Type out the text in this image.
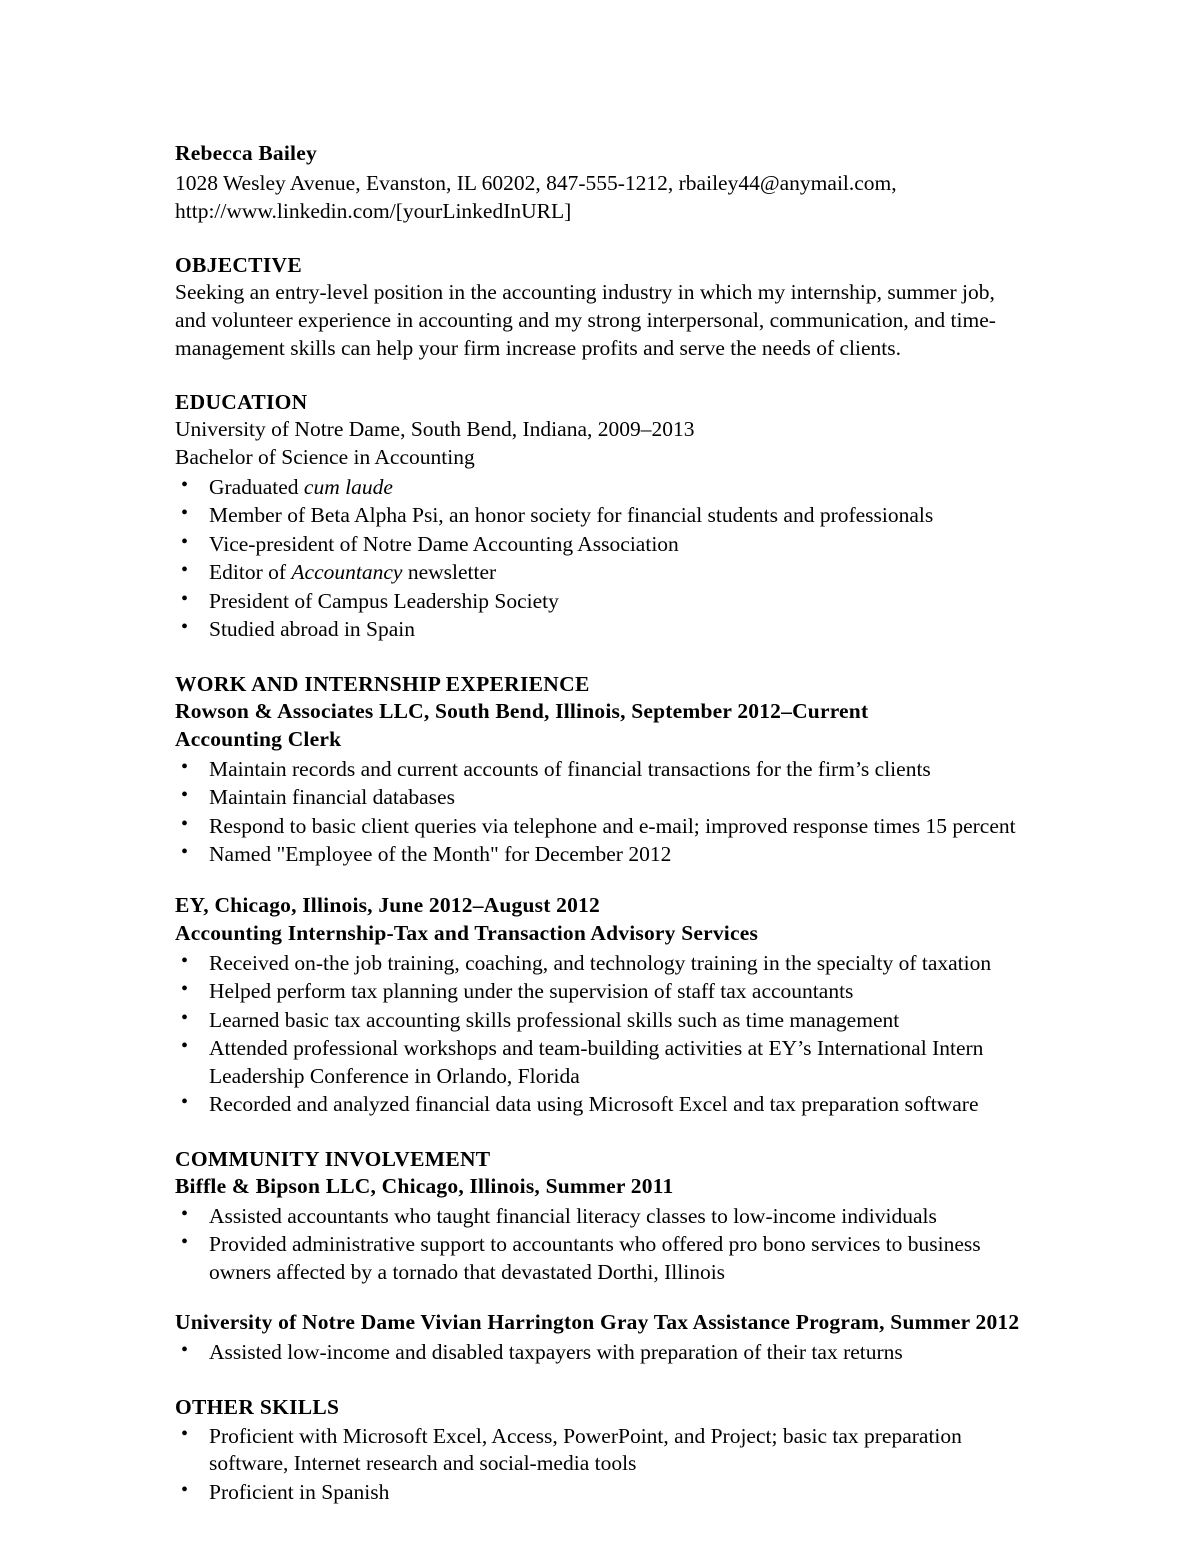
Rebecca Bailey
1028 Wesley Avenue, Evanston, IL 60202, 847-555-1212, rbailey44@anymail.com,
http://www.linkedin.com/[yourLinkedInURL]
OBJECTIVE
Seeking an entry-level position in the accounting industry in which my internship, summer job, and volunteer experience in accounting and my strong interpersonal, communication, and time-management skills can help your firm increase profits and serve the needs of clients.
EDUCATION
University of Notre Dame, South Bend, Indiana, 2009–2013
Bachelor of Science in Accounting
• Graduated cum laude
• Member of Beta Alpha Psi, an honor society for financial students and professionals
• Vice-president of Notre Dame Accounting Association
• Editor of Accountancy newsletter
• President of Campus Leadership Society
• Studied abroad in Spain
WORK AND INTERNSHIP EXPERIENCE
Rowson & Associates LLC, South Bend, Illinois, September 2012–Current
Accounting Clerk
• Maintain records and current accounts of financial transactions for the firm’s clients
• Maintain financial databases
• Respond to basic client queries via telephone and e-mail; improved response times 15 percent
• Named "Employee of the Month" for December 2012
EY, Chicago, Illinois, June 2012–August 2012
Accounting Internship-Tax and Transaction Advisory Services
• Received on-the job training, coaching, and technology training in the specialty of taxation
• Helped perform tax planning under the supervision of staff tax accountants
• Learned basic tax accounting skills professional skills such as time management
• Attended professional workshops and team-building activities at EY’s International Intern Leadership Conference in Orlando, Florida
• Recorded and analyzed financial data using Microsoft Excel and tax preparation software
COMMUNITY INVOLVEMENT
Biffle & Bipson LLC, Chicago, Illinois, Summer 2011
• Assisted accountants who taught financial literacy classes to low-income individuals
• Provided administrative support to accountants who offered pro bono services to business owners affected by a tornado that devastated Dorthi, Illinois
University of Notre Dame Vivian Harrington Gray Tax Assistance Program, Summer 2012
• Assisted low-income and disabled taxpayers with preparation of their tax returns
OTHER SKILLS
• Proficient with Microsoft Excel, Access, PowerPoint, and Project; basic tax preparation software, Internet research and social-media tools
• Proficient in Spanish
